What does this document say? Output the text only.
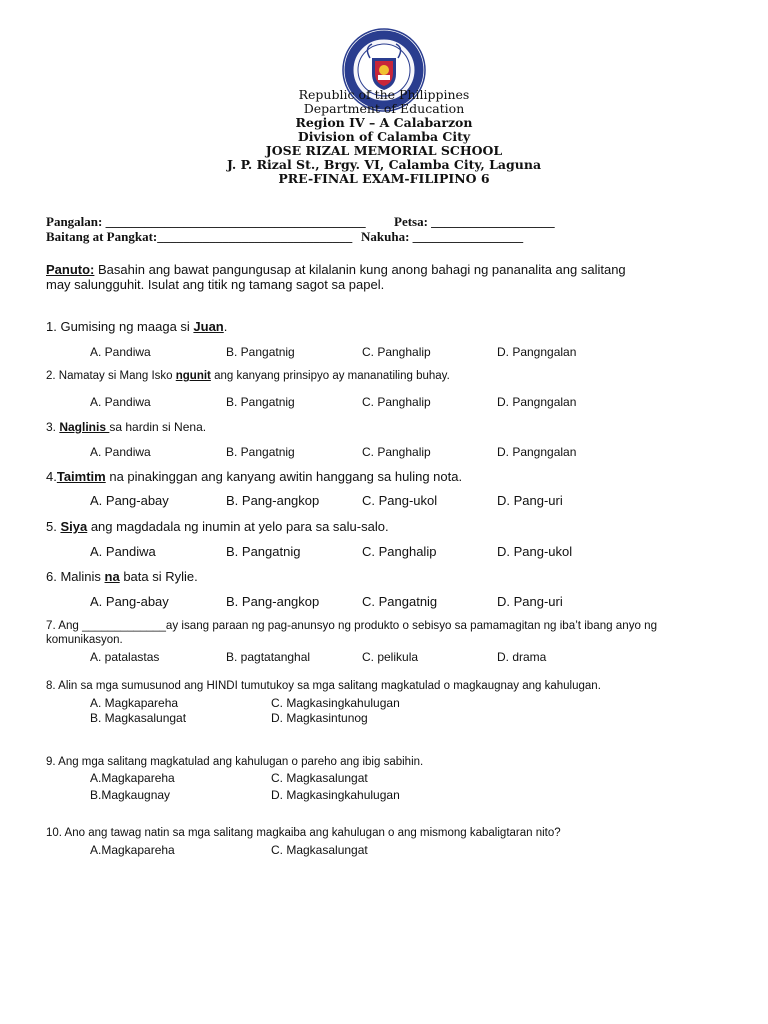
Republic of the Philippines
Department of Education
Region IV – A Calabarzon
Division of Calamba City
JOSE RIZAL MEMORIAL SCHOOL
J. P. Rizal St., Brgy. VI, Calamba City, Laguna
PRE-FINAL EXAM-FILIPINO 6
Pangalan: ________________________________________ Petsa: ___________________
Baitang at Pangkat:______________________________ Nakuha: _________________
Panuto: Basahin ang bawat pangungusap at kilalanin kung anong bahagi ng pananalita ang salitang
may salungguhit. Isulat ang titik ng tamang sagot sa papel.
1. Gumising ng maaga si Juan.
A. Pandiwa	B. Pangatnig	C. Panghalip	D. Pangngalan
2. Namatay si Mang Isko ngunit ang kanyang prinsipyo ay mananatiling buhay.
A. Pandiwa	B. Pangatnig	C. Panghalip	D. Pangngalan
3. Naglinis sa hardin si Nena.
A. Pandiwa	B. Pangatnig	C. Panghalip	D. Pangngalan
4.Taimtim na pinakinggan ang kanyang awitin hanggang sa huling nota.
A. Pang-abay	B. Pang-angkop	C. Pang-ukol	D. Pang-uri
5. Siya ang magdadala ng inumin at yelo para sa salu-salo.
A. Pandiwa	B. Pangatnig	C. Panghalip	D. Pang-ukol
6. Malinis na bata si Rylie.
A. Pang-abay	B. Pang-angkop	C. Pangatnig	D. Pang-uri
7. Ang _____________ay isang paraan ng pag-anunsyo ng produkto o sebisyo sa pamamagitan ng iba’t ibang anyo ng
komunikasyon.
A. patalastas	B. pagtatanghal	C. pelikula	D. drama
8. Alin sa mga sumusunod ang HINDI tumutukoy sa mga salitang magkatulad o magkaugnay ang kahulugan.
A. Magkapareha	C. Magkasingkahulugan
B. Magkasalungat	D. Magkasintunog
9. Ang mga salitang magkatulad ang kahulugan o pareho ang ibig sabihin.
A.Magkapareha	C. Magkasalungat
B.Magkaugnay	D. Magkasingkahulugan
10. Ano ang tawag natin sa mga salitang magkaiba ang kahulugan o ang mismong kabaligtaran nito?
A.Magkapareha	C. Magkasalungat
